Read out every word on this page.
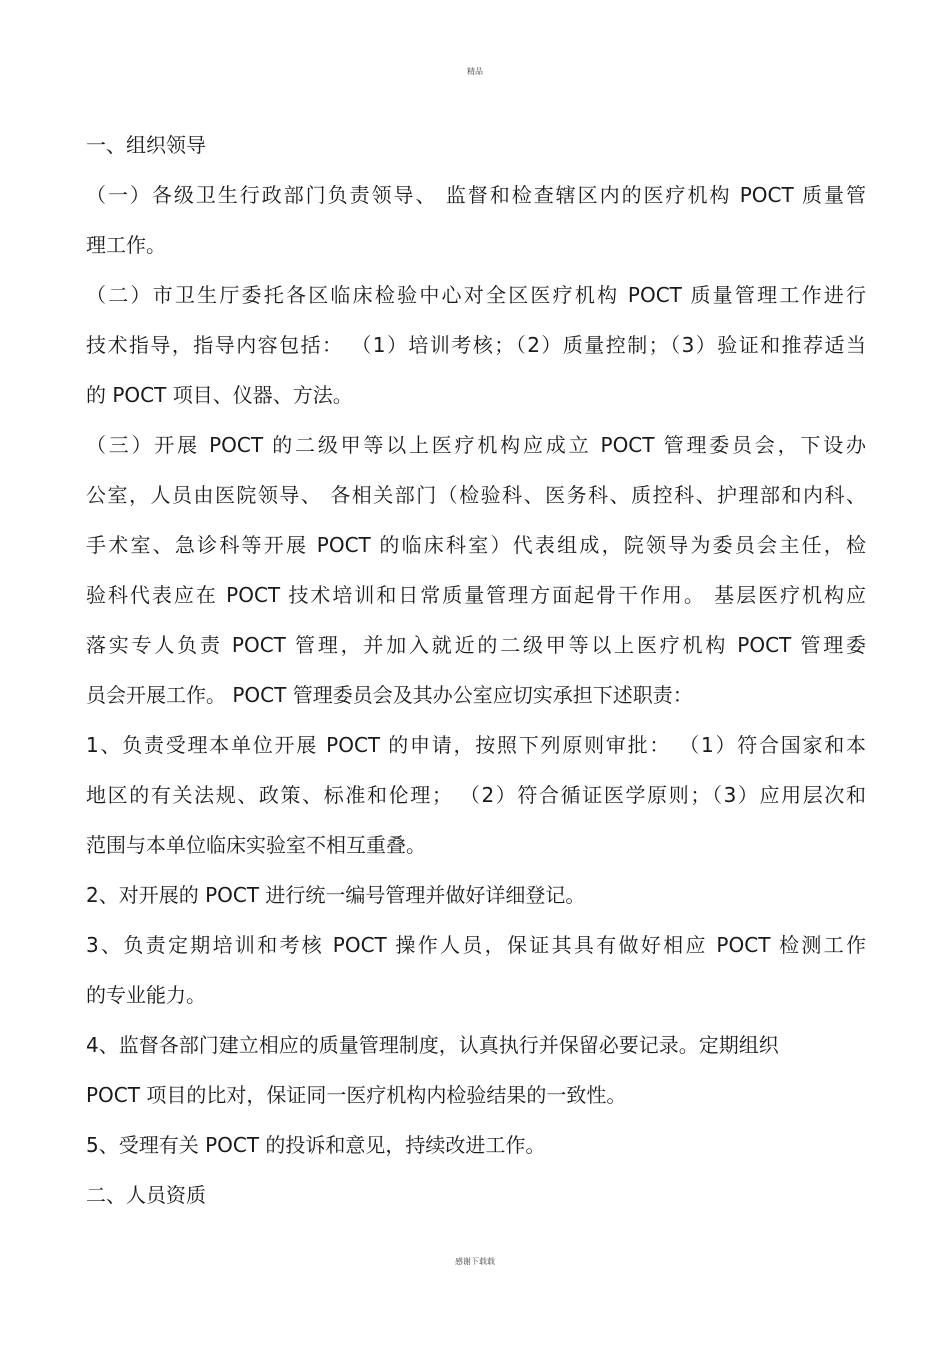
精品
一、组织领导
（一）各级卫生行政部门负责领导、 监督和检查辖区内的医疗机构 POCT 质量管
理工作。
（二）市卫生厅委托各区临床检验中心对全区医疗机构 POCT 质量管理工作进行
技术指导，指导内容包括： （1）培训考核；（2）质量控制；（3）验证和推荐适当
的 POCT 项目、仪器、方法。
（三）开展 POCT 的二级甲等以上医疗机构应成立 POCT 管理委员会，下设办
公室，人员由医院领导、 各相关部门（检验科、医务科、质控科、护理部和内科、
手术室、急诊科等开展 POCT 的临床科室）代表组成，院领导为委员会主任，检
验科代表应在 POCT 技术培训和日常质量管理方面起骨干作用。 基层医疗机构应
落实专人负责 POCT 管理，并加入就近的二级甲等以上医疗机构 POCT 管理委
员会开展工作。 POCT 管理委员会及其办公室应切实承担下述职责：
1、负责受理本单位开展 POCT 的申请，按照下列原则审批： （1）符合国家和本
地区的有关法规、政策、标准和伦理； （2）符合循证医学原则；（3）应用层次和
范围与本单位临床实验室不相互重叠。
2、对开展的 POCT 进行统一编号管理并做好详细登记。
3、负责定期培训和考核 POCT 操作人员，保证其具有做好相应 POCT 检测工作
的专业能力。
4、监督各部门建立相应的质量管理制度，认真执行并保留必要记录。定期组织
POCT 项目的比对，保证同一医疗机构内检验结果的一致性。
5、受理有关 POCT 的投诉和意见，持续改进工作。
二、人员资质
感谢下载载
